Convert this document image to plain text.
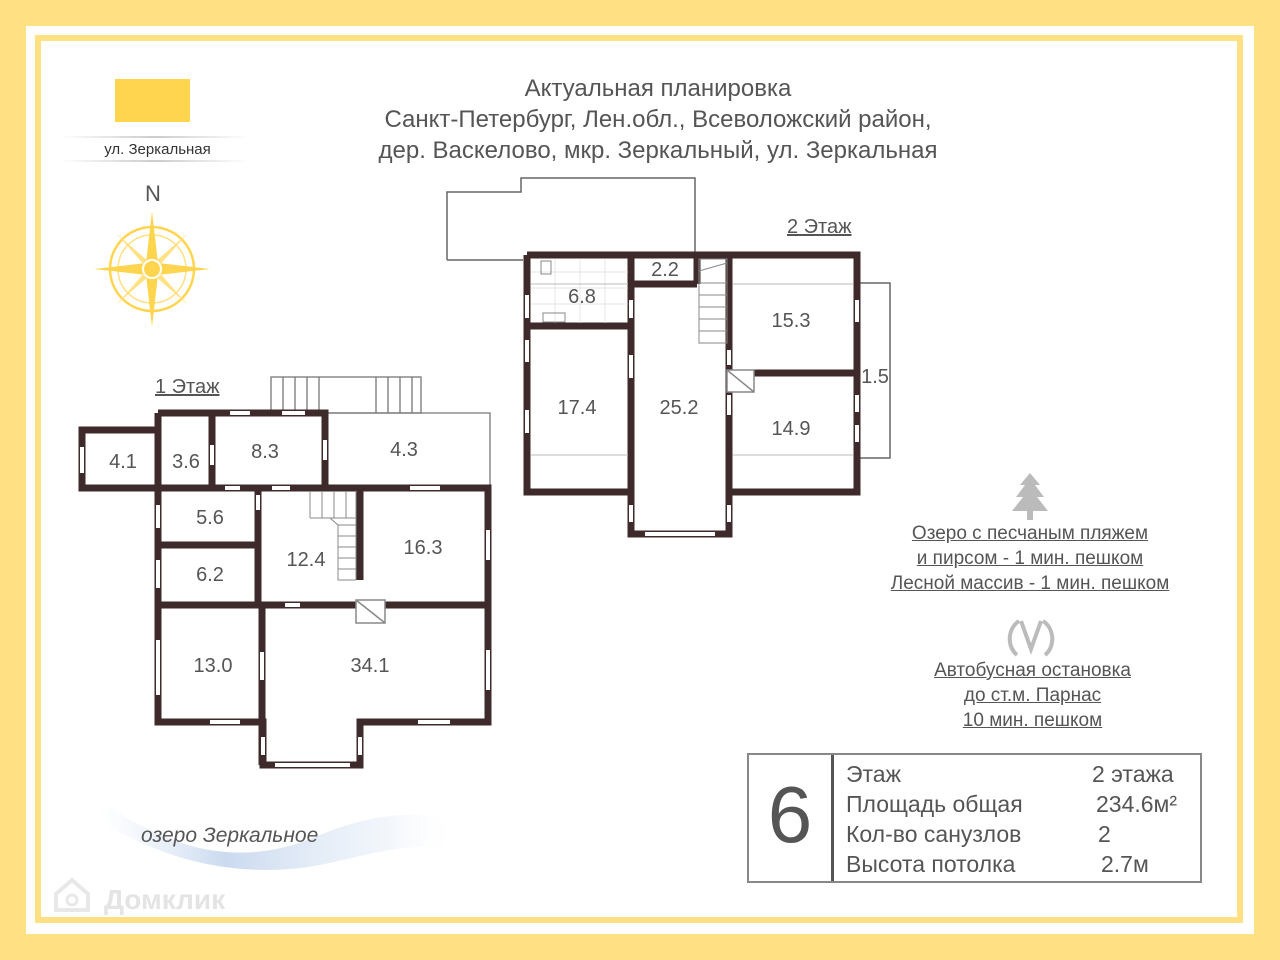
ул. Зеркальная
N
Актуальная планировка
Санкт-Петербург, Лен.обл., Всеволожский район,
дер. Васкелово, мкр. Зеркальный, ул. Зеркальная
2 Этаж
6.8
2.2
15.3
17.4	25.2
14.9
1.5
1 Этаж
4.1	3.6	8.3	4.3
5.6
12.4
16.3
6.2
13.0	34.1
озеро Зеркальное
Озеро с песчаным пляжем
и пирсом - 1 мин. пешком
Лесной массив - 1 мин. пешком
Автобусная остановка
до ст.м. Парнас
10 мин. пешком
6	Этаж	2 этажа
Площадь общая	234.6м²
Кол-во санузлов	2
Высота потолка	2.7м
Домклик
